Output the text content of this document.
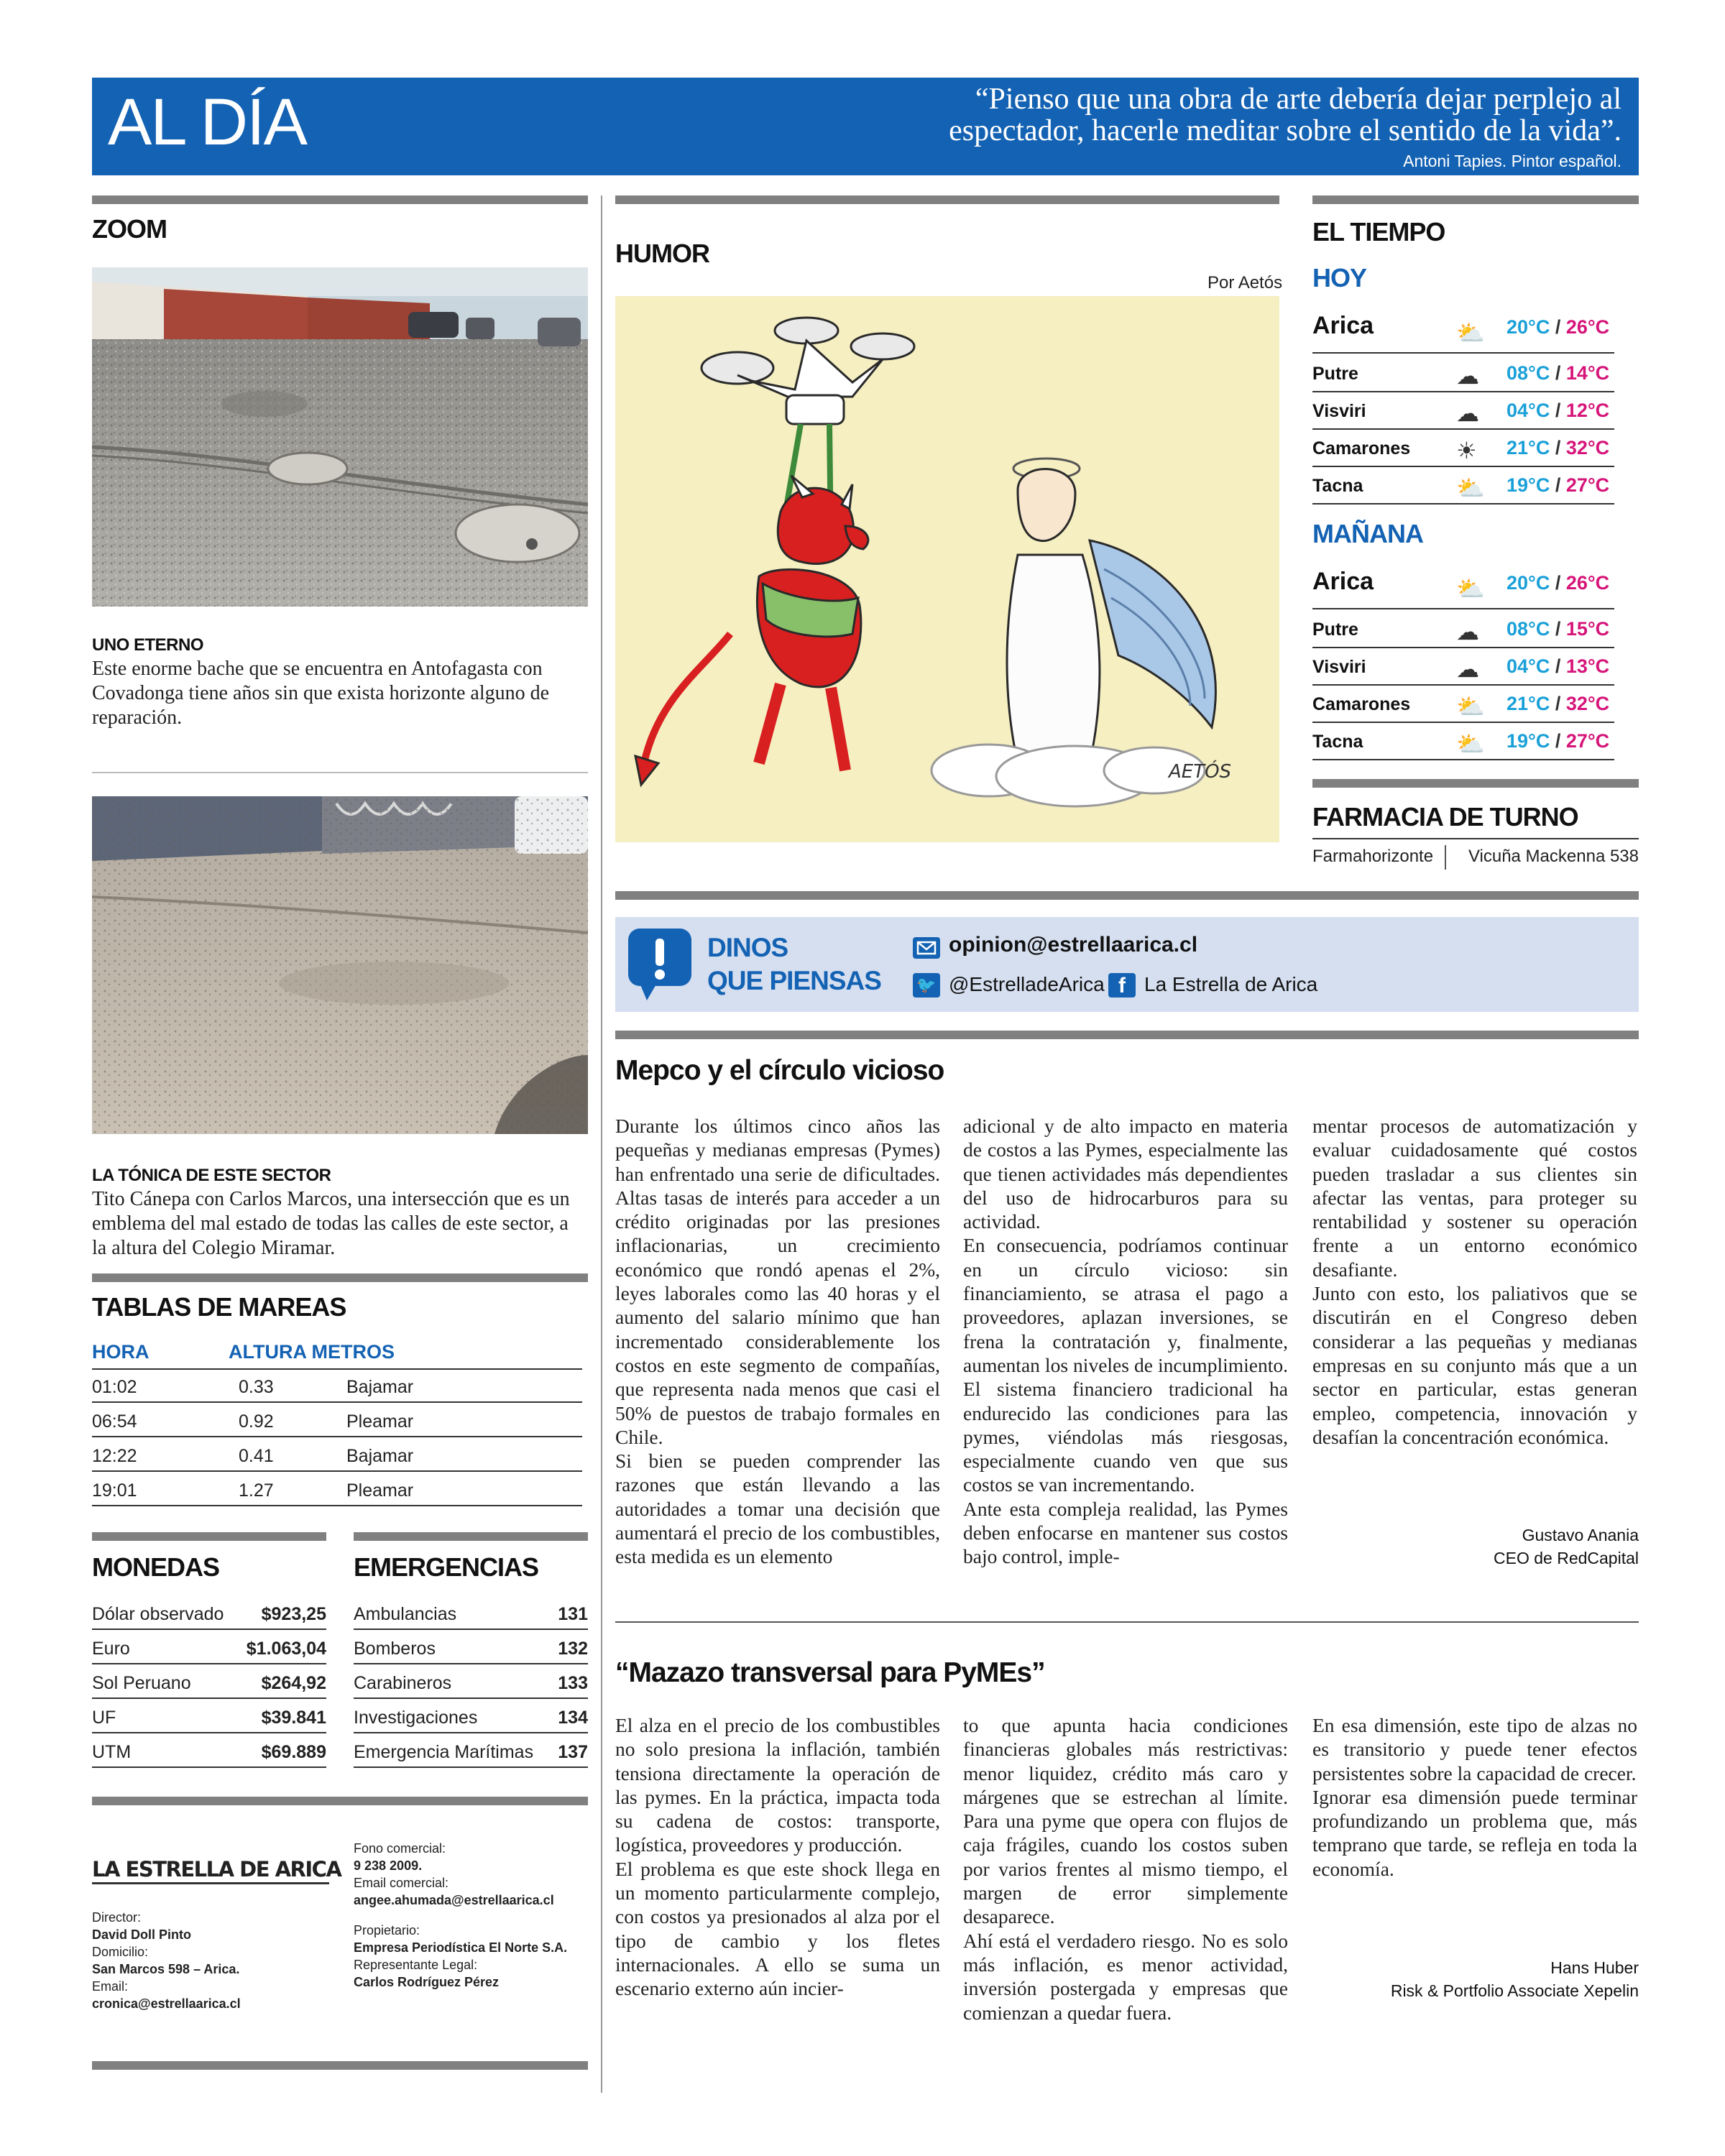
AL DÍA	“Pienso que una obra de arte debería dejar perplejo al
espectador, hacerle meditar sobre el sentido de la vida”.
Antoni Tapies. Pintor español.
ZOOM
UNO ETERNO
Este enorme bache que se encuentra en Antofagasta con Covadonga tiene años sin que exista horizonte alguno de reparación.
LA TÓNICA DE ESTE SECTOR
Tito Cánepa con Carlos Marcos, una intersección que es un emblema del mal estado de todas las calles de este sector, a la altura del Colegio Miramar.
TABLAS DE MAREAS
HORA	ALTURA METROS
01:02	0.33	Bajamar
06:54	0.92	Pleamar
12:22	0.41	Bajamar
19:01	1.27	Pleamar
MONEDAS
Dólar observado $923,25
Euro	$1.063,04
Sol Peruano	$264,92
UF	$39.841
UTM	$69.889
EMERGENCIAS
Ambulancias	131
Bomberos	132
Carabineros	133
Investigaciones	134
Emergencia Marítimas 137
LA ESTRELLA DE ARICA
Director:
David Doll Pinto
Domicilio:
San Marcos 598 – Arica.
Email:
cronica@estrellaarica.cl
Fono comercial:
9 238 2009.
Email comercial:
angee.ahumada@estrellaarica.cl
Propietario:
Empresa Periodística El Norte S.A.
Representante Legal:
Carlos Rodríguez Pérez
HUMOR
Por Aetós
AETÓS
EL TIEMPO
HOY
Arica	⛅ 20°C / 26°C
Putre	☁ 08°C / 14°C
Visviri	☁ 04°C / 12°C
Camarones ☀ 21°C / 32°C
Tacna	⛅ 19°C / 27°C
MAÑANA
Arica	⛅ 20°C / 26°C
Putre	☁ 08°C / 15°C
Visviri	☁ 04°C / 13°C
Camarones ⛅ 21°C / 32°C
Tacna	⛅ 19°C / 27°C
FARMACIA DE TURNO
Farmahorizonte Vicuña Mackenna 538
DINOS
QUE PIENSAS
opinion@estrellaarica.cl
🐦 @EstrelladeArica f La Estrella de Arica
Mepco y el círculo vicioso

Durante los últimos cinco años las pequeñas y medianas empresas (Pymes) han enfrentado una serie de dificultades. Altas tasas de interés para acceder a un crédito originadas por las presiones inflacionarias, un crecimiento económico que rondó apenas el 2%, leyes laborales como las 40 horas y el aumento del salario mínimo que han incrementado considerablemente los costos en este segmento de compañías, que representa nada menos que casi el 50% de puestos de trabajo formales en Chile.

Si bien se pueden comprender las razones que están llevando a las autoridades a tomar una decisión que aumentará el precio de los combustibles, esta medida es un elemento

adicional y de alto impacto en materia de costos a las Pymes, especialmente las que tienen actividades más dependientes del uso de hidrocarburos para su actividad.

En consecuencia, podríamos continuar en un círculo vicioso: sin financiamiento, se atrasa el pago a proveedores, aplazan inversiones, se frena la contratación y, finalmente, aumentan los niveles de incumplimiento. El sistema financiero tradicional ha endurecido las condiciones para las pymes, viéndolas más riesgosas, especialmente cuando ven que sus costos se van incrementando.

Ante esta compleja realidad, las Pymes deben enfocarse en mantener sus costos bajo control, imple-

mentar procesos de automatización y evaluar cuidadosamente qué costos pueden trasladar a sus clientes sin afectar las ventas, para proteger su rentabilidad y sostener su operación frente a un entorno económico desafiante.

Junto con esto, los paliativos que se discutirán en el Congreso deben considerar a las pequeñas y medianas empresas en su conjunto más que a un sector en particular, estas generan empleo, competencia, innovación y desafían la concentración económica.

Gustavo Anania
CEO de RedCapital
“Mazazo transversal para PyMEs”

El alza en el precio de los combustibles no solo presiona la inflación, también tensiona directamente la operación de las pymes. En la práctica, impacta toda su cadena de costos: transporte, logística, proveedores y producción.

El problema es que este shock llega en un momento particularmente complejo, con costos ya presionados al alza por el tipo de cambio y los fletes internacionales. A ello se suma un escenario externo aún incier-

to que apunta hacia condiciones financieras globales más restrictivas: menor liquidez, crédito más caro y márgenes que se estrechan al límite. Para una pyme que opera con flujos de caja frágiles, cuando los costos suben por varios frentes al mismo tiempo, el margen de error simplemente desaparece.

Ahí está el verdadero riesgo. No es solo más inflación, es menor actividad, inversión postergada y empresas que comienzan a quedar fuera.

En esa dimensión, este tipo de alzas no es transitorio y puede tener efectos persistentes sobre la capacidad de crecer.

Ignorar esa dimensión puede terminar profundizando un problema que, más temprano que tarde, se refleja en toda la economía.

Hans Huber
Risk & Portfolio Associate Xepelin
